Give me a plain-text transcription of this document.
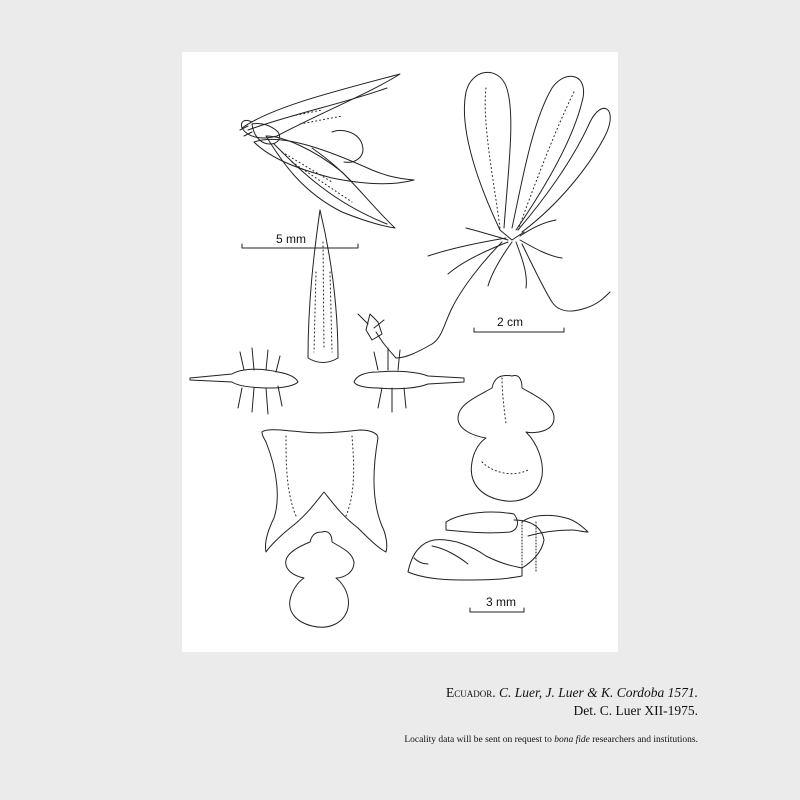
5 mm
2 cm
3 mm
Ecuador. C. Luer, J. Luer & K. Cordoba 1571.
Det. C. Luer XII-1975.
Locality data will be sent on request to bona fide researchers and institutions.
